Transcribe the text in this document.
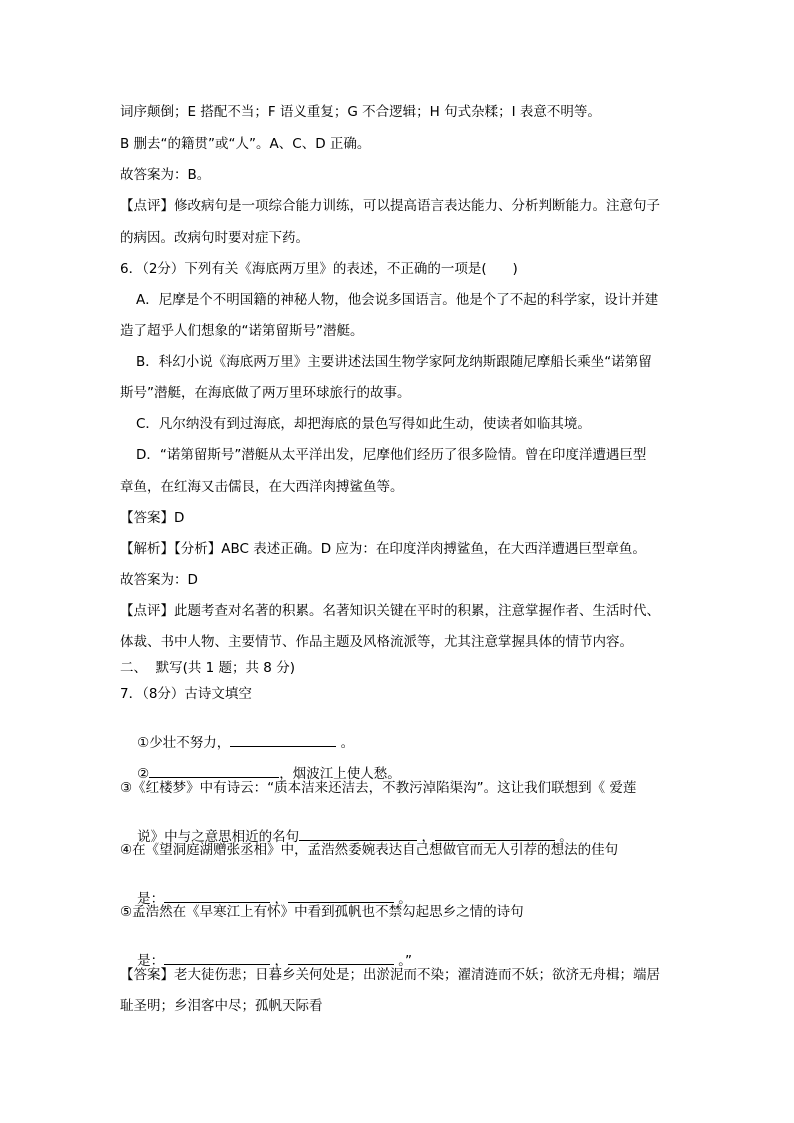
词序颠倒；E 搭配不当；F 语义重复；G 不合逻辑；H 句式杂糅；I 表意不明等。
B 删去“的籍贯”或“人”。A、C、D 正确。
故答案为：B。
【点评】修改病句是一项综合能力训练，可以提高语言表达能力、分析判断能力。注意句子
的病因。改病句时要对症下药。
6．（2分）下列有关《海底两万里》的表述，不正确的一项是(      )
A．尼摩是个不明国籍的神秘人物，他会说多国语言。他是个了不起的科学家，设计并建
造了超乎人们想象的“诺第留斯号”潜艇。
B．科幻小说《海底两万里》主要讲述法国生物学家阿龙纳斯跟随尼摩船长乘坐“诺第留
斯号”潜艇，在海底做了两万里环球旅行的故事。
C．凡尔纳没有到过海底，却把海底的景色写得如此生动，使读者如临其境。
D．“诺第留斯号”潜艇从太平洋出发，尼摩他们经历了很多险情。曾在印度洋遭遇巨型
章鱼，在红海又击儒艮，在大西洋肉搏鲨鱼等。
【答案】D
【解析】【分析】ABC 表述正确。D 应为：在印度洋肉搏鲨鱼，在大西洋遭遇巨型章鱼。
故答案为：D
【点评】此题考查对名著的积累。名著知识关键在平时的积累，注意掌握作者、生活时代、
体裁、书中人物、主要情节、作品主题及风格流派等，尤其注意掌握具体的情节内容。
二、  默写(共 1 题；共 8 分)
7．（8分）古诗文填空

①少壮不努力，	。

②	，烟波江上使人愁。

③《红楼梦》中有诗云：“质本洁来还洁去，不教污淖陷渠沟”。这让我们联想到《 爱莲

说》中与之意思相近的名句	，	。

④在《望洞庭湖赠张丞相》中，孟浩然委婉表达自己想做官而无人引荐的想法的佳句

是：	，	。

⑤孟浩然在《早寒江上有怀》中看到孤帆也不禁勾起思乡之情的诗句

是：	，	。”

【答案】老大徒伤悲；日暮乡关何处是；出淤泥而不染；濯清涟而不妖；欲济无舟楫；端居
耻圣明；乡泪客中尽；孤帆天际看
